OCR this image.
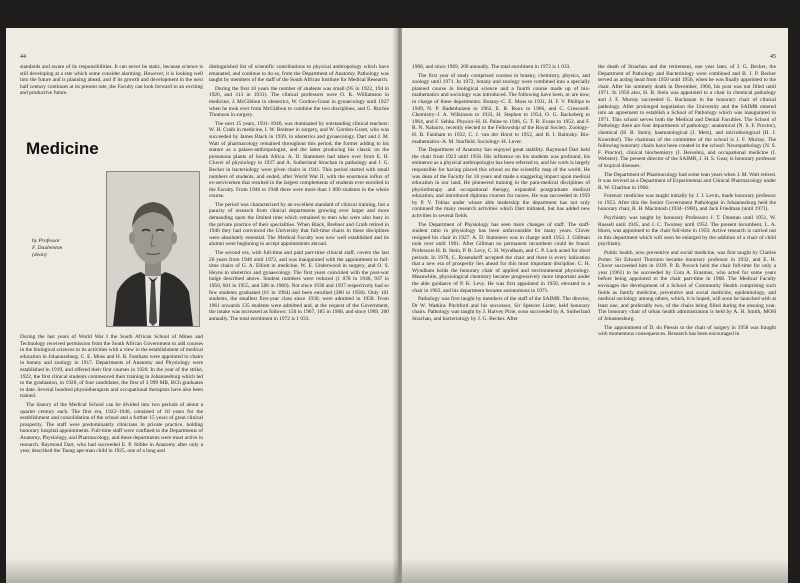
44

standards and aware of its responsibilities. It can never be static, because science is still developing at a rate which some consider alarming. However, it is looking well into the future and is planning ahead, and if its growth and development in the next half century continues at its present rate, the Faculty can look forward to an exciting and productive future.

Medicine
by Professor
F. Daubenton
(dean)

During the last years of World War I the South African School of Mines and Technology received permission from the South African Government to add courses in the biological sciences to its activities with a view to the establishment of medical education in Johannesburg. C. E. Moss and H. B. Fantham were appointed to chairs in botany and zoology in 1917. Departments of Anatomy and Physiology were established in 1919, and offered their first courses in 1920. In the year of the strike, 1922, the first clinical students commenced their training in Johannesburg which led to the graduation, in 1926, of four candidates, the first of 3 999 MB, BCh graduates to date. Several hundred physiotherapists and occupational therapists have also been trained.

The history of the Medical School can be divided into two periods of about a quarter century each. The first era, 1922–1946, consisted of 10 years for the establishment and consolidation of the school and a further 15 years of great clinical prosperity. The staff were predominantly clinicians in private practice, holding honorary hospital appointments. Full-time staff were confined to the Departments of Anatomy, Physiology, and Pharmacology, and these departments were most active in research. Raymond Dart, who had succeeded E. P. Stibbe in Anatomy after only a year, described the Taung ape-man child in 1925, one of a long and

distinguished list of scientific contributions to physical anthropology which have emanated, and continue to do so, from the Department of Anatomy. Pathology was taught by members of the staff of the South African Institute for Medical Research.

During the first 10 years the number of students was small (95 in 1922, 194 in 1926, and 313 in 1931). The clinical professors were O. K. Williamson in medicine, J. McGibbon in obstetrics, W. Gordon-Grant in gynaecology until 1927 when he took over from McGibbon to combine the two disciplines, and G. Ritchie Thomson in surgery.

The next 15 years, 1931–1946, was dominated by outstanding clinical teachers: W. H. Craib in medicine, I. W. Brebner in surgery, and W. Gordon-Grant, who was succeeded by James Black in 1939, in obstetrics and gynaecology. Dart and J. M. Watt of pharmacology remained throughout this period, the former adding to his stature as a palaeo-anthropologist, and the latter producing his classic on the poisonous plants of South Africa. A. D. Stammers had taken over from E. H. Cluver of physiology in 1927 and A. Sutherland Strachan in pathology and J. G. Becker in bacteriology were given chairs in 1941. This period started with small numbers of students, and ended, after World War II, with the enormous influx of ex-servicemen that resulted in the largest complements of students ever enrolled in the Faculty. From 1946 to 1948 there were more than 1 000 students in the whole course.

The period was characterized by an excellent standard of clinical training, but a paucity of research from clinical departments growing ever larger and more demanding upon the limited time which remained to men who were also busy in the private practice of their specialities. When Black, Brebner and Craib retired in 1946 they had convinced the University that full-time chairs in these disciplines were absolutely essential. The Medical Faculty was now well established and its alumni were beginning to accept appointments abroad.

The second era, with full-time and paid part-time clinical staff, covers the last 26 years from 1946 until 1972, and was inaugurated with the appointment to full-time chairs of G. A. Elliott in medicine, W. E. Underwood in surgery, and O. S. Heyns in obstetrics and gynaecology. The first years coincided with the post-war bulge described above. Student numbers were reduced (1 078 in 1946, 937 in 1950, 601 in 1955, and 588 in 1960). Not since 1936 and 1937 respectively had so few students graduated (61 in 1964) and been enrolled (380 in 1958). Only 101 students, the smallest first-year class since 1930, were admitted in 1958. From 1961 onwards 135 students were admitted and, at the request of the Government, the intake was increased as follows: 150 in 1967, 185 in 1968, and since 1969, 200 annually. The total enrolment in 1972 is 1 033.

45

1968, and since 1969, 200 annually. The total enrolment in 1972 is 1 033.

The first year of study comprised courses in botany, chemistry, physics, and zoology until 1971. In 1972, botany and zoology were combined into a specially planned course in biological science and a fourth course made up of bio-mathematics and sociology was introduced. The following have been, or are now, in charge of these departments: Botany–C. E. Moss to 1931, H. F. V. Phillips to 1949, N. P. Badenhuizen to 1962, E. R. Roux to 1966, and C. Cresswell. Chemistry–J. A. Wilkinson to 1933, H. Stephen to 1954, O. G. Backeberg to 1964, and F. Sebba. Physics–H. H. Paine to 1946, G. T. R. Evans to 1952, and F. R. N. Nabarro, recently elected to the Fellowship of the Royal Society. Zoology–H. B. Fantham to 1932, C. J. van der Horst to 1952, and B. I. Balinsky. Bio-mathematics–A. M. Starfield. Sociology–H. Lever.

The Department of Anatomy has enjoyed great stability. Raymond Dart held the chair from 1923 until 1958. His influence on his students was profound, his eminence as a physical anthropologist has been referred to, and his work is largely responsible for having placed this school on the scientific map of the world. He was dean of the Faculty for 18 years and made a staggering impact upon medical education in our land. He pioneered training in the para-medical disciplines of physiotherapy and occupational therapy, expanded postgraduate medical education, and introduced diploma courses for nurses. He was succeeded in 1959 by P. V. Tobias under whose able leadership the department has not only continued the many research activities which Dart initiated, but has added new activities in several fields.

The Department of Physiology has seen more changes of staff. The staff-student ratio in physiology has been unfavourable for many years. Cluver resigned his chair in 1927. A. D. Stammers was in charge until 1952. J. Gillman took over until 1961. After Gillman no permanent incumbent could be found. Professors H. B. Stein, P. R. Levy, C. H. Wyndham, and C. P. Luck acted for short periods. In 1970, C. Rosendorff accepted the chair and there is every indication that a new era of prosperity lies ahead for this most important discipline. C. H. Wyndham holds the honorary chair of applied and environmental physiology. Meanwhile, physiological chemistry became progressively more important under the able guidance of P. K. Levy. He was first appointed in 1950, elevated to a chair in 1963, and his department became autonomous in 1971.

Pathology was first taught by members of the staff of the SAIMR. The director, Dr W. Watkins Pitchford and his successor, Sir Spencer Lister, held honorary chairs. Pathology was taught by J. Harvey Pirie, soon succeeded by A. Sutherland Strachan, and bacteriology by J. G. Becker. After

the death of Strachan and the retirement, one year later, of J. G. Becker, the Department of Pathology and Bacteriology were combined and B. J. P. Becker served as acting head from 1950 until 1956, when he was finally appointed to the chair. After his untimely death in December, 1966, his post was not filled until 1971. In 1956 also, H. B. Stein was appointed to a chair in chemical pathology and J. F. Murray succeeded G. Buchanan in the honorary chair of clinical pathology. After prolonged negotiation the University and the SAIMR entered into an agreement to establish a School of Pathology which was inaugurated in 1971. This school serves both the Medical and Dental Faculties. The School of Pathology there are four departments of pathology: anatomical (N. S. F. Proctor), chemical (H. B. Stein), haematological (J. Metz), and microbiological (H. J. Koornhof). The chairman of the committee of the school is J. F. Murray. The following honorary chairs have been created in the school: Neuropathology (N. S. F. Proctor), clinical biochemistry (I. Bersohn), and occupational medicine (I. Webster). The present director of the SAIMR, J. H. S. Gear, is honorary professor of tropical diseases.

The Department of Pharmacology had some lean years when J. M. Watt retired. It was revived as a Department of Experimental and Clinical Pharmacology under R. W. Charlton in 1966.

Forensic medicine was taught initially by J. J. Levin, made honorary professor in 1953. After this the Senior Government Pathologist in Johannesburg held the honorary chair, R. H. Macintosh (1934–1960), and Jack Friedman (until 1971).

Psychiatry was taught by honorary Professors J. T. Dunstan until 1951, W. Russell until 1945, and J. C. Twomey until 1952. The present incumbent, L. A. Hurst, was appointed to the chair full-time in 1959. Active research is carried out in this department which will soon be enlarged by the addition of a chair of child psychiatry.

Public health, now preventive and social medicine, was first taught by Charles Porter. Sir Edward Thornton became honorary professor in 1932, and E. H. Cluver succeeded him in 1939. P. B. Pocock held the chair full-time for only a year (1961) to be succeeded by Cora A. Erasmus, who acted for some years before being appointed to the chair part-time in 1968. The Medical Faculty envisages the development of a School of Community Health comprising such fields as family medicine, preventive and social medicine, epidemiology, and medical sociology among others, which, it is hoped, will soon be launched with at least one, and preferably two, of the chairs being filled during the ensuing year. The honorary chair of urban health administration is held by A. H. Smith, MOH of Johannesburg.

The appointment of D. du Plessis to the chair of surgery in 1958 was fraught with momentous consequences. Research has been encouraged in
